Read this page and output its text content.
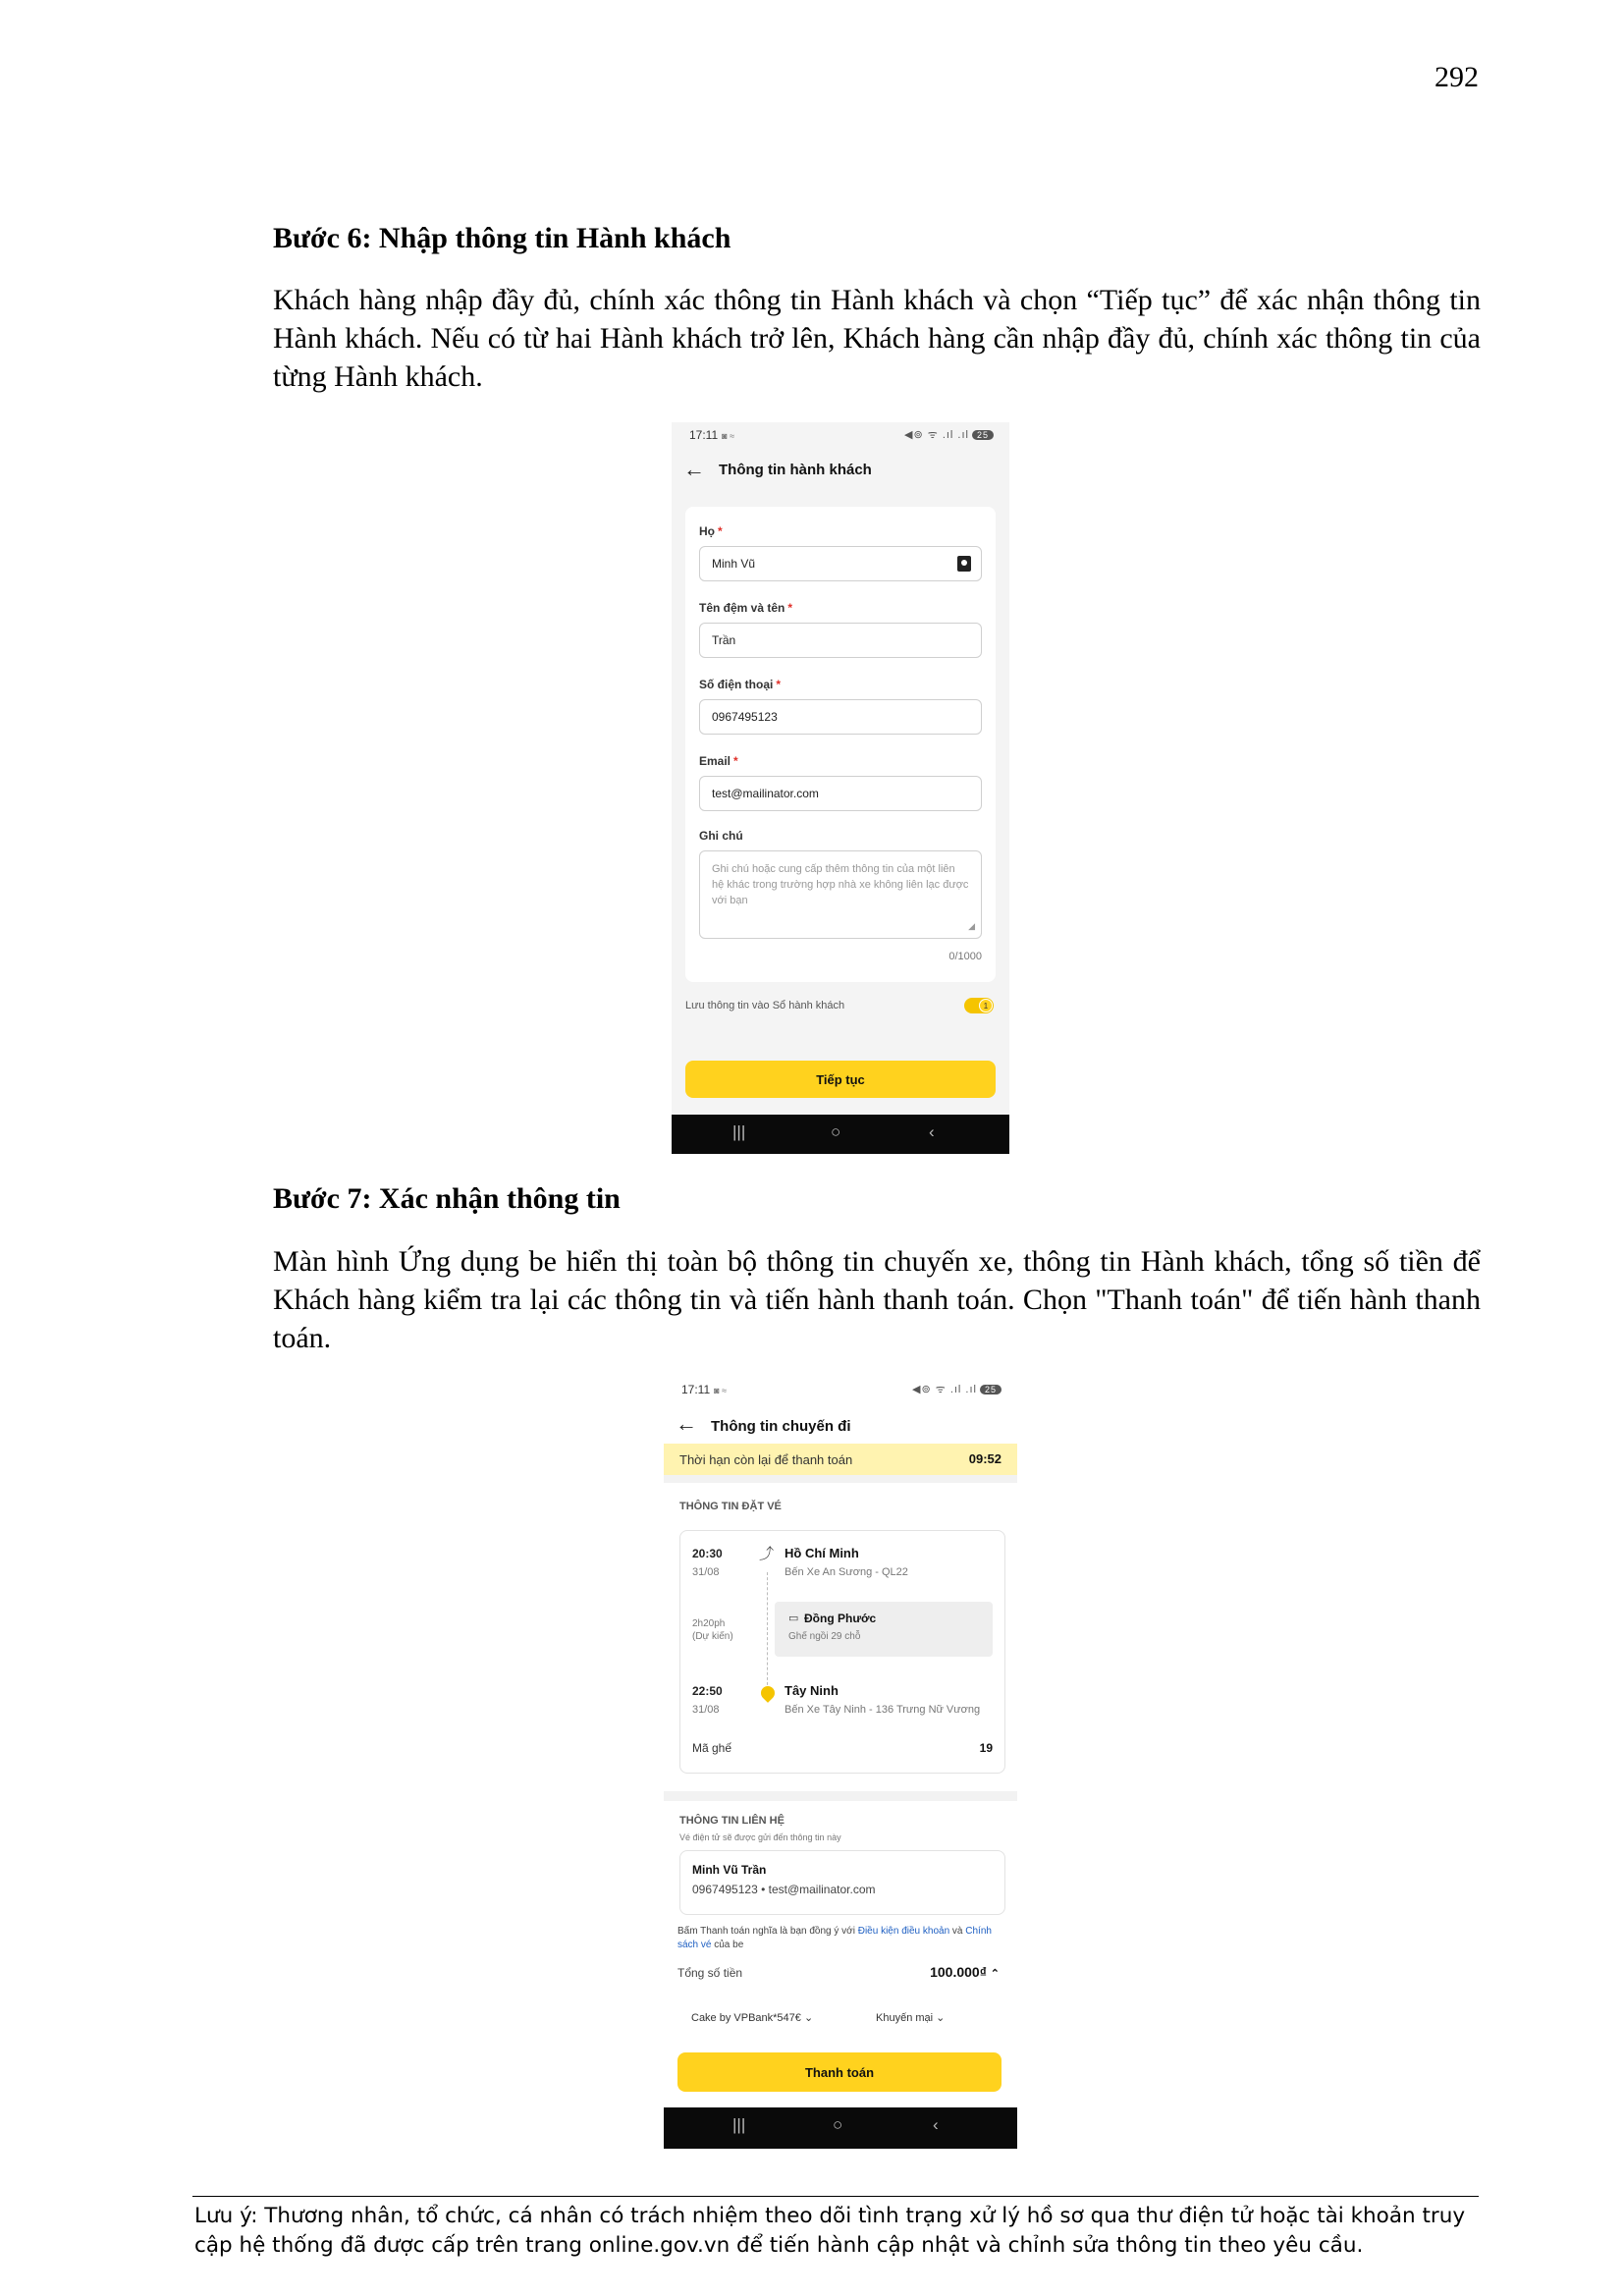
292
Bước 6: Nhập thông tin Hành khách
Khách hàng nhập đầy đủ, chính xác thông tin Hành khách và chọn “Tiếp tục” để xác nhận thông tin Hành khách. Nếu có từ hai Hành khách trở lên, Khách hàng cần nhập đầy đủ, chính xác thông tin của từng Hành khách.
17:11 ◙ ≈	◀⊚ ᯤ .ıl .ıl 25
← Thông tin hành khách
Họ *
Minh Vũ
Tên đệm và tên *
Trần
Số điện thoại *
0967495123
Email *
test@mailinator.com
Ghi chú
Ghi chú hoặc cung cấp thêm thông tin của một liên hệ khác trong trường hợp nhà xe không liên lạc được với bạn
◢
0/1000
Lưu thông tin vào Sổ hành khách
1
Tiếp tục
|||	○	‹
Bước 7: Xác nhận thông tin
Màn hình Ứng dụng be hiển thị toàn bộ thông tin chuyến xe, thông tin Hành khách, tổng số tiền để Khách hàng kiểm tra lại các thông tin và tiến hành thanh toán. Chọn "Thanh toán" để tiến hành thanh toán.
17:11 ◙ ≈	◀⊚ ᯤ .ıl .ıl 25
← Thông tin chuyến đi
Thời hạn còn lại để thanh toán	09:52
THÔNG TIN ĐẶT VÉ
20:30
31/08
⤴ Hồ Chí Minh
Bến Xe An Sương - QL22
2h20ph
(Dự kiến)
▭ Đồng Phước
Ghế ngồi 29 chỗ
22:50
31/08
Tây Ninh
Bến Xe Tây Ninh - 136 Trưng Nữ Vương
Mã ghế	19
THÔNG TIN LIÊN HỆ
Vé điện tử sẽ được gửi đến thông tin này
Minh Vũ Trần
0967495123 • test@mailinator.com
Bấm Thanh toán nghĩa là bạn đồng ý với Điều kiện điều khoản và Chính sách vé của be
Tổng số tiền	100.000₫ ⌃
Cake by VPBank*547€ ⌄	Khuyến mại ⌄
Thanh toán
|||	○	‹
Lưu ý: Thương nhân, tổ chức, cá nhân có trách nhiệm theo dõi tình trạng xử lý hồ sơ qua thư điện tử hoặc tài khoản truy cập hệ thống đã được cấp trên trang online.gov.vn để tiến hành cập nhật và chỉnh sửa thông tin theo yêu cầu.
